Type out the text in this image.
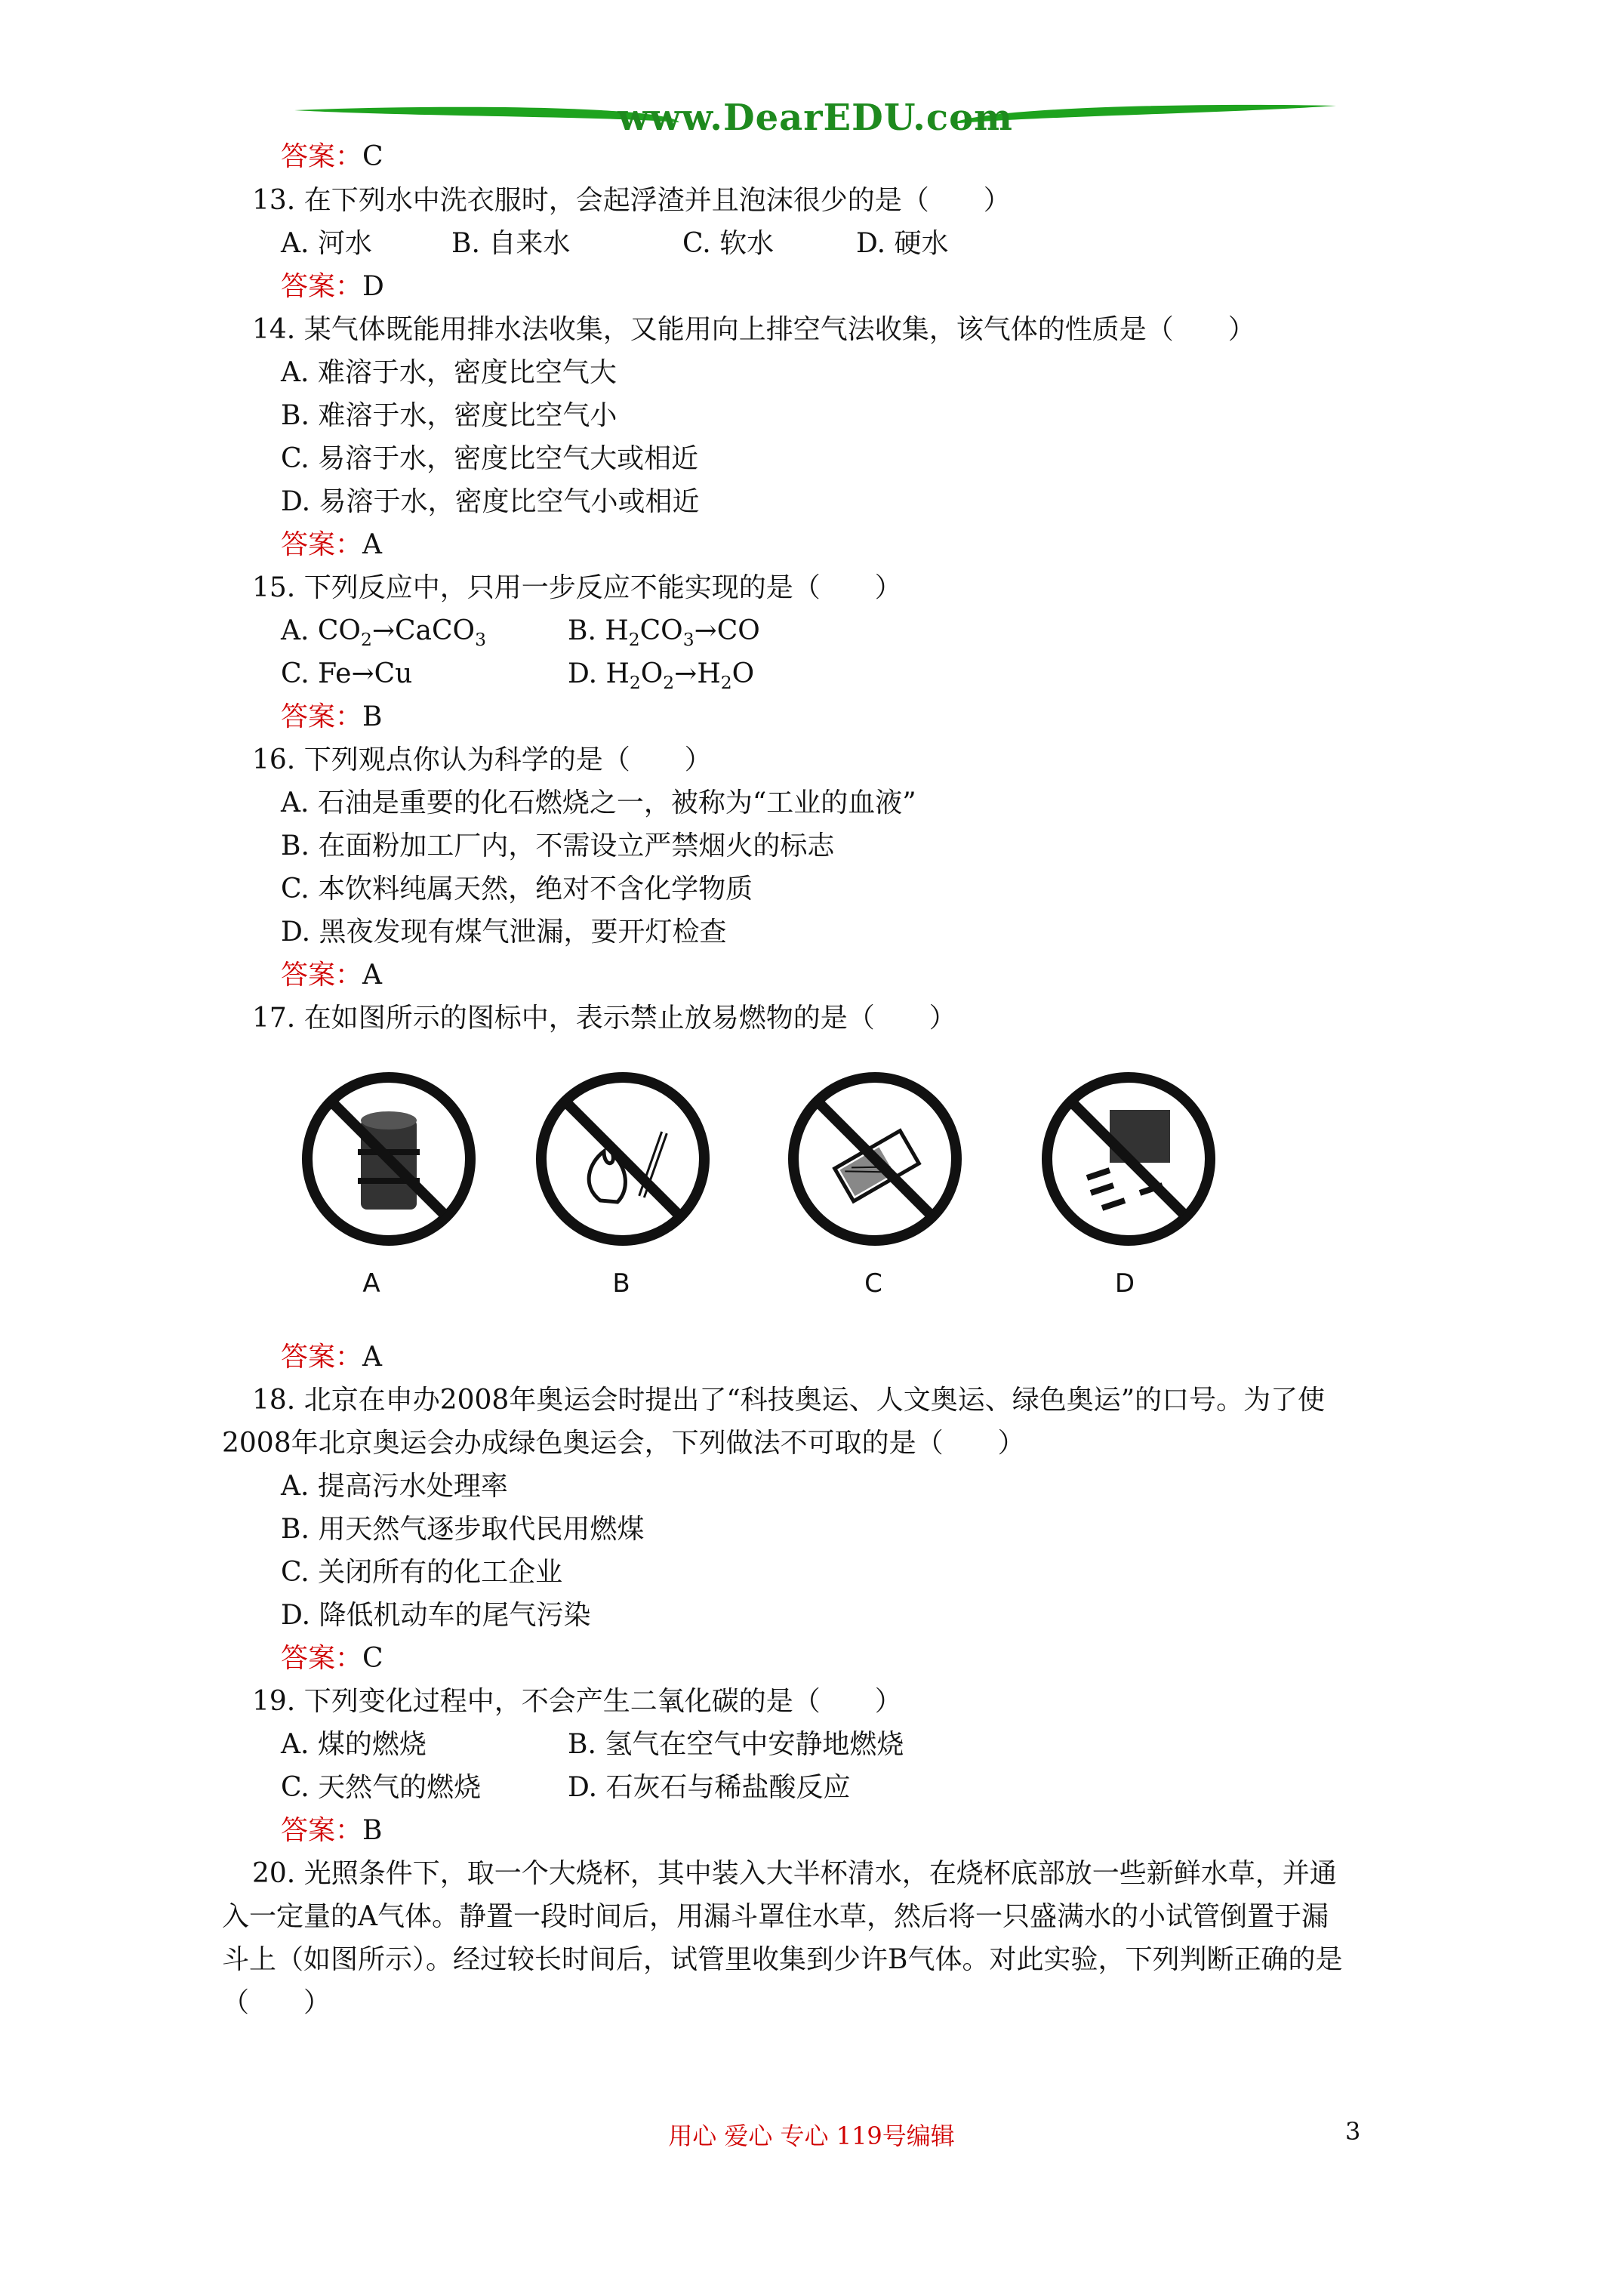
www.DearEDU.com
答案：C
13. 在下列水中洗衣服时，会起浮渣并且泡沫很少的是（　　）
A. 河水	B. 自来水	C. 软水	D. 硬水
答案：D
14. 某气体既能用排水法收集，又能用向上排空气法收集，该气体的性质是（　　）
A. 难溶于水，密度比空气大
B. 难溶于水，密度比空气小
C. 易溶于水，密度比空气大或相近
D. 易溶于水，密度比空气小或相近
答案：A
15. 下列反应中，只用一步反应不能实现的是（　　）
A. $CO_2\to CaCO_3$	B. $H_2CO_3\to CO$
C. Fe→Cu	D. $H_2O_2\to H_2O$
答案：B
16. 下列观点你认为科学的是（　　）
A. 石油是重要的化石燃烧之一，被称为“工业的血液”
B. 在面粉加工厂内，不需设立严禁烟火的标志
C. 本饮料纯属天然，绝对不含化学物质
D. 黑夜发现有煤气泄漏，要开灯检查
答案：A
17. 在如图所示的图标中，表示禁止放易燃物的是（　　）
A	B	C	D
答案：A
18. 北京在申办2008年奥运会时提出了“科技奥运、人文奥运、绿色奥运”的口号。为了使
2008年北京奥运会办成绿色奥运会，下列做法不可取的是（　　）
A. 提高污水处理率
B. 用天然气逐步取代民用燃煤
C. 关闭所有的化工企业
D. 降低机动车的尾气污染
答案：C
19. 下列变化过程中，不会产生二氧化碳的是（　　）
A. 煤的燃烧	B. 氢气在空气中安静地燃烧
C. 天然气的燃烧	D. 石灰石与稀盐酸反应
答案：B
20. 光照条件下，取一个大烧杯，其中装入大半杯清水，在烧杯底部放一些新鲜水草，并通
入一定量的A气体。静置一段时间后，用漏斗罩住水草，然后将一只盛满水的小试管倒置于漏
斗上（如图所示）。经过较长时间后，试管里收集到少许B气体。对此实验，下列判断正确的是
（　　）
用心 爱心 专心 119号编辑	3
